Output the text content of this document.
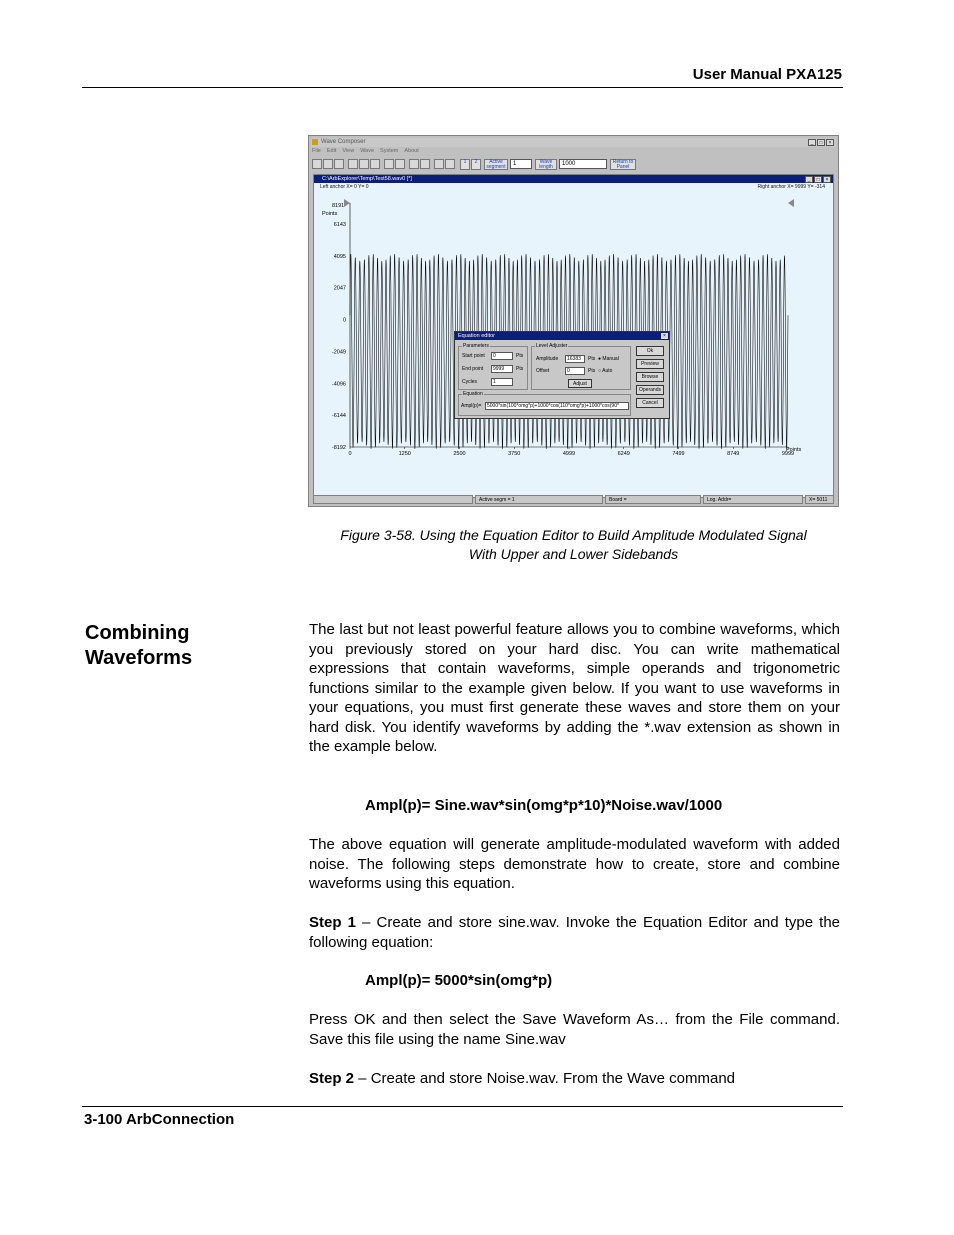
User Manual PXA125
Wave Composer	_	□	×
File Edit View Wave System About
1	2	Active segment	1	Wave length	1000	Return to Panel
C:\ArbExplorer\Temp\Test58.wav0 [*]	_	□	×
Left anchor X= 0 Y= 0	Right anchor X= 9999 Y= -314
8191
Points
Points
6143
4095
2047
0
-2049
-4096
-6144
-8192
0	1250	2500	3750	4999	6249	7499	8749	9999
Equation editor	×
Parameters
Start point	0	Pts
End point	9999	Pts
Cycles	1
Level Adjuster
Amplitude	16383	Pts ● Manual
Offset	0	Pts ○ Auto
Adjust
Equation
Ampl(p)=	5000*sin(100*omg*p)+1000*cos(110*omg*p)+1000*cos(90*
Ok
Preview
Browse
Operands
Cancel
Active segm = 1	Board =	Log. Addr=	X= 5011
Figure 3-58. Using the Equation Editor to Build Amplitude Modulated Signal
With Upper and Lower Sidebands
Combining
Waveforms
The last but not least powerful feature allows you to combine waveforms, which you previously stored on your hard disc. You can write mathematical expressions that contain waveforms, simple operands and trigonometric functions similar to the example given below. If you want to use waveforms in your equations, you must first generate these waves and store them on your hard disk. You identify waveforms by adding the *.wav extension as shown in the example below.
Ampl(p)= Sine.wav*sin(omg*p*10)*Noise.wav/1000
The above equation will generate amplitude-modulated waveform with added noise. The following steps demonstrate how to create, store and combine waveforms using this equation.
Step 1 – Create and store sine.wav. Invoke the Equation Editor and type the following equation:
Ampl(p)= 5000*sin(omg*p)
Press OK and then select the Save Waveform As… from the File command. Save this file using the name Sine.wav
Step 2 – Create and store Noise.wav. From the Wave command
3-100 ArbConnection
